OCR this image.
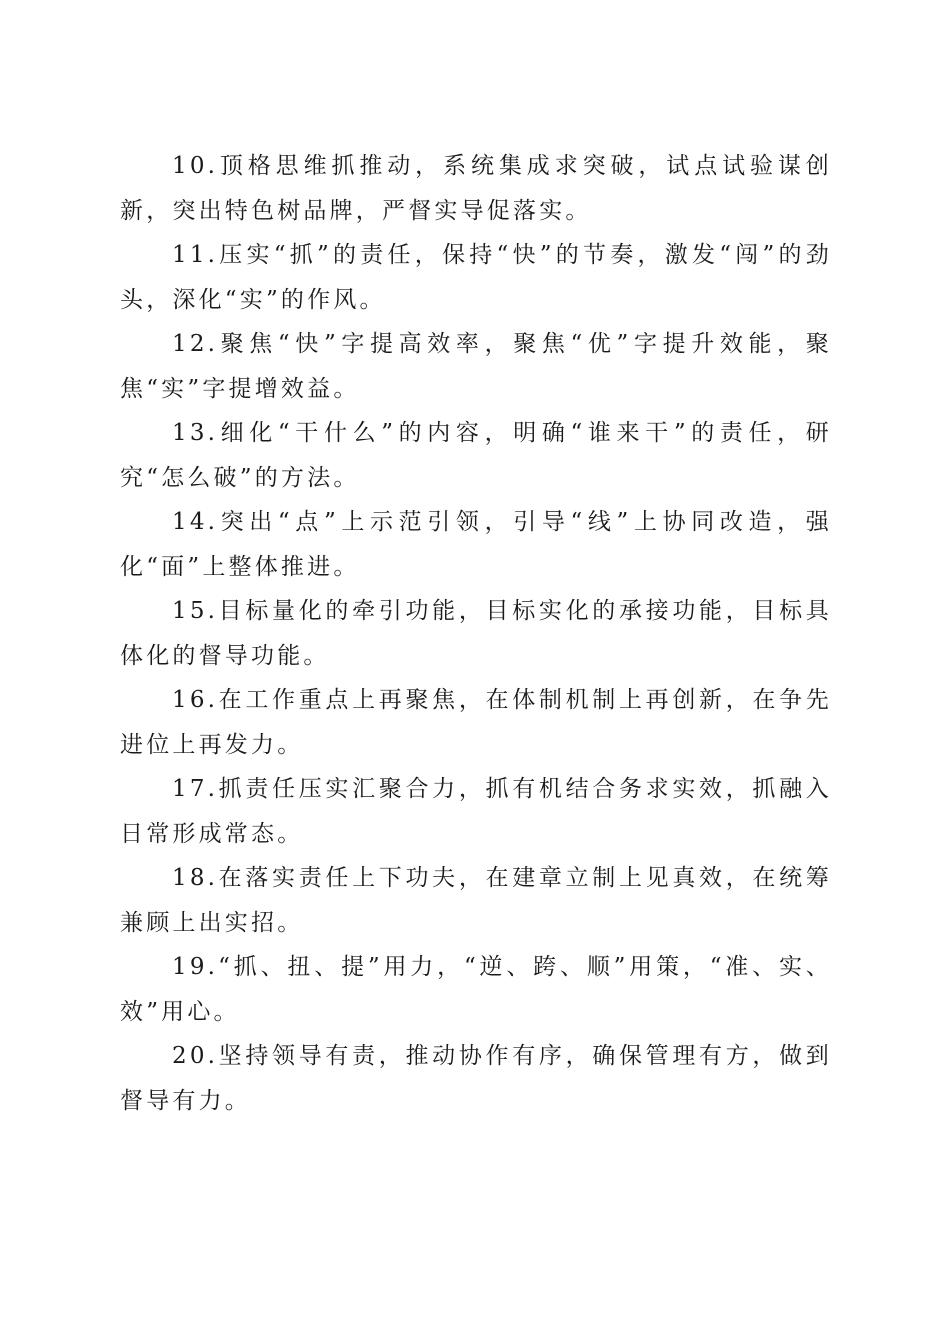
10.顶格思维抓推动，系统集成求突破，试点试验谋创新，突出特色树品牌，严督实导促落实。

11.压实“抓”的责任，保持“快”的节奏，激发“闯”的劲头，深化“实”的作风。

12.聚焦“快”字提高效率，聚焦“优”字提升效能，聚焦“实”字提增效益。

13.细化“干什么”的内容，明确“谁来干”的责任，研究“怎么破”的方法。

14.突出“点”上示范引领，引导“线”上协同改造，强化“面”上整体推进。

15.目标量化的牵引功能，目标实化的承接功能，目标具体化的督导功能。

16.在工作重点上再聚焦，在体制机制上再创新，在争先进位上再发力。

17.抓责任压实汇聚合力，抓有机结合务求实效，抓融入日常形成常态。

18.在落实责任上下功夫，在建章立制上见真效，在统筹兼顾上出实招。

19.“抓、扭、提”用力，“逆、跨、顺”用策，“准、实、效”用心。

20.坚持领导有责，推动协作有序，确保管理有方，做到督导有力。
